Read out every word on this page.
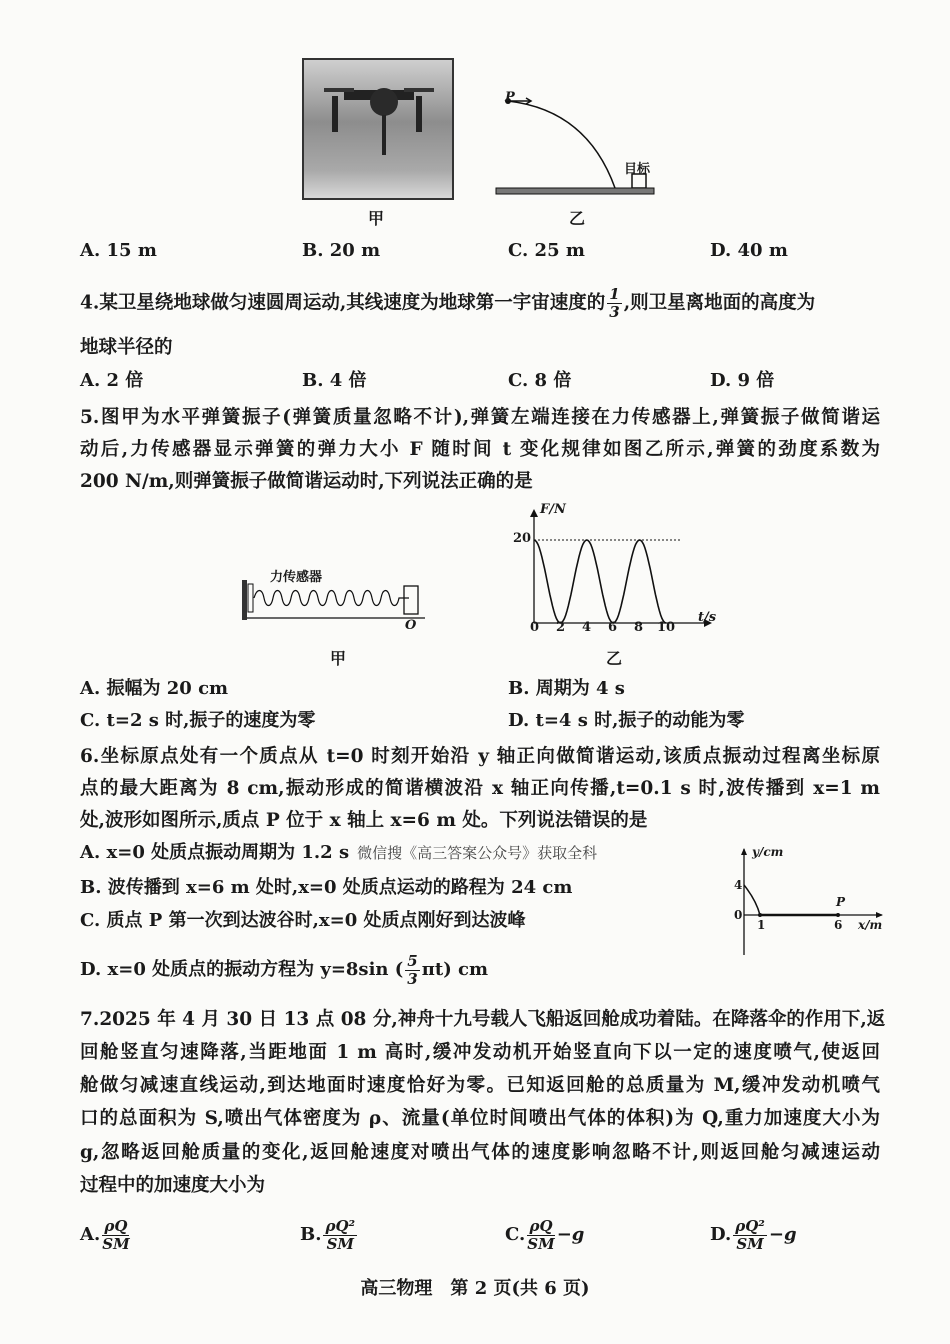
甲
P
目标
乙
A. 15 m	B. 20 m	C. 25 m	D. 40 m
4.某卫星绕地球做匀速圆周运动,其线速度为地球第一宇宙速度的 $\frac{1}{3}$ ,则卫星离地面的高度为
地球半径的
A. 2 倍	B. 4 倍	C. 8 倍	D. 9 倍
5.图甲为水平弹簧振子(弹簧质量忽略不计),弹簧左端连接在力传感器上,弹簧振子做简谐运
动后,力传感器显示弹簧的弹力大小 F 随时间 t 变化规律如图乙所示,弹簧的劲度系数为
200 N/m,则弹簧振子做简谐运动时,下列说法正确的是
力传感器
O
甲
F/N
20
t/s
0 2 4 6 8 10
乙
A. 振幅为 20 cm	B. 周期为 4 s
C. t=2 s 时,振子的速度为零	D. t=4 s 时,振子的动能为零
6.坐标原点处有一个质点从 t=0 时刻开始沿 y 轴正向做简谐运动,该质点振动过程离坐标原
点的最大距离为 8 cm,振动形成的简谐横波沿 x 轴正向传播,t=0.1 s 时,波传播到 x=1 m
处,波形如图所示,质点 P 位于 x 轴上 x=6 m 处。下列说法错误的是
A. x=0 处质点振动周期为 1.2 s 微信搜《高三答案公众号》获取全科
B. 波传播到 x=6 m 处时,x=0 处质点运动的路程为 24 cm
C. 质点 P 第一次到达波谷时,x=0 处质点刚好到达波峰
D. x=0 处质点的振动方程为 y=8sin ( $\frac{5}{3} \pi t$) cm
y/cm
4
0
1	6
P
x/m
7.2025 年 4 月 30 日 13 点 08 分,神舟十九号载人飞船返回舱成功着陆。在降落伞的作用下,返
回舱竖直匀速降落,当距地面 1 m 高时,缓冲发动机开始竖直向下以一定的速度喷气,使返回
舱做匀减速直线运动,到达地面时速度恰好为零。已知返回舱的总质量为 M,缓冲发动机喷气
口的总面积为 S,喷出气体密度为 ρ、流量(单位时间喷出气体的体积)为 Q,重力加速度大小为
g,忽略返回舱质量的变化,返回舱速度对喷出气体的速度影响忽略不计,则返回舱匀减速运动
过程中的加速度大小为
A. $\frac{\rho Q}{SM}$	B. $\frac{\text{ρQ²}}{SM}$	C. $\frac{\rho Q}{SM} -g$	D. $\frac{\text{ρQ²}}{SM} -g$
高三物理　第 2 页(共 6 页)
